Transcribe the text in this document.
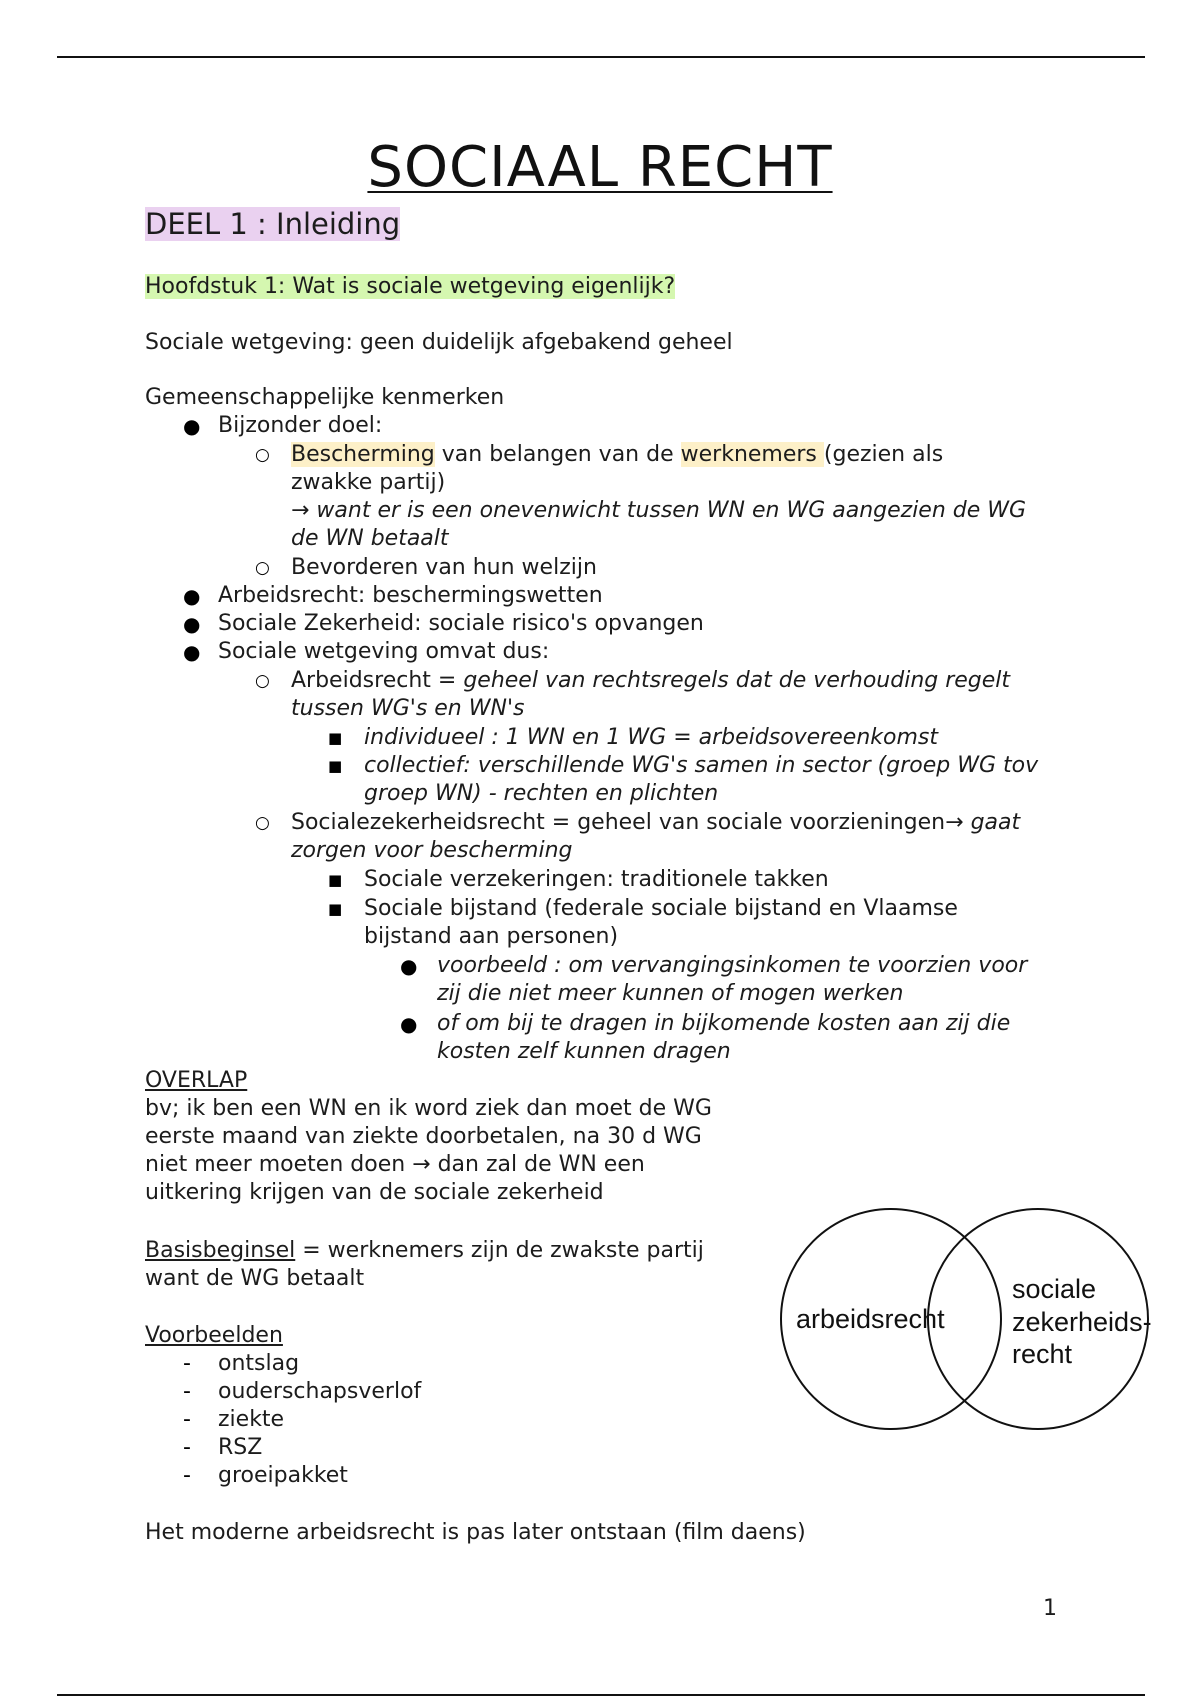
SOCIAAL RECHT
DEEL 1 : Inleiding
Hoofdstuk 1: Wat is sociale wetgeving eigenlijk?
Sociale wetgeving: geen duidelijk afgebakend geheel
Gemeenschappelijke kenmerken
● Bijzonder doel:
○ Bescherming van belangen van de werknemers (gezien als
zwakke partij)
→ want er is een onevenwicht tussen WN en WG aangezien de WG
de WN betaalt
○ Bevorderen van hun welzijn
● Arbeidsrecht: beschermingswetten
● Sociale Zekerheid: sociale risico's opvangen
● Sociale wetgeving omvat dus:
○ Arbeidsrecht = geheel van rechtsregels dat de verhouding regelt
tussen WG's en WN's
■ individueel : 1 WN en 1 WG = arbeidsovereenkomst
■ collectief: verschillende WG's samen in sector (groep WG tov
groep WN) - rechten en plichten
○ Socialezekerheidsrecht = geheel van sociale voorzieningen→ gaat
zorgen voor bescherming
■ Sociale verzekeringen: traditionele takken
■ Sociale bijstand (federale sociale bijstand en Vlaamse
bijstand aan personen)
● voorbeeld : om vervangingsinkomen te voorzien voor
zij die niet meer kunnen of mogen werken
● of om bij te dragen in bijkomende kosten aan zij die
kosten zelf kunnen dragen
OVERLAP
bv; ik ben een WN en ik word ziek dan moet de WG
eerste maand van ziekte doorbetalen, na 30 d WG
niet meer moeten doen → dan zal de WN een
uitkering krijgen van de sociale zekerheid
Basisbeginsel = werknemers zijn de zwakste partij
want de WG betaalt
Voorbeelden
- ontslag
- ouderschapsverlof
- ziekte
- RSZ
- groeipakket
Het moderne arbeidsrecht is pas later ontstaan (film daens)
arbeidsrecht
sociale
zekerheids-
recht
1
